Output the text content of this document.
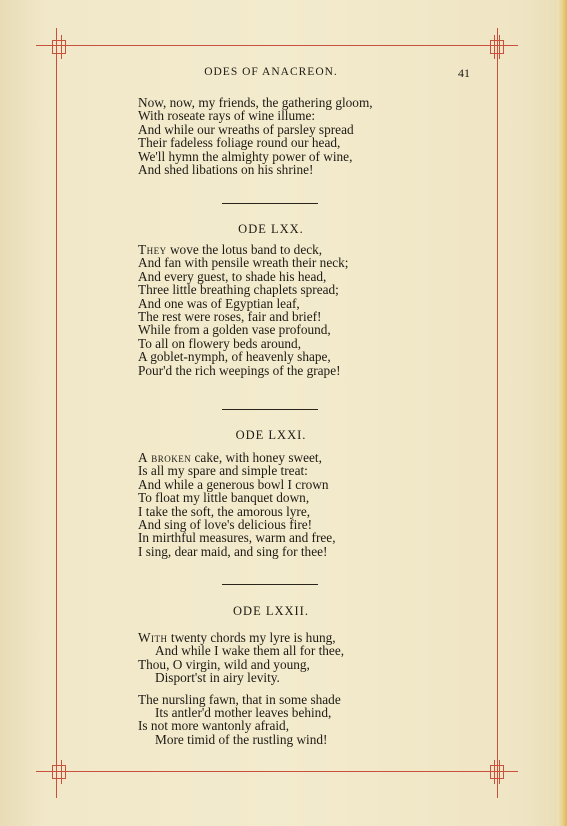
ODES OF ANACREON.	41
Now, now, my friends, the gathering gloom,
With roseate rays of wine illume:
And while our wreaths of parsley spread
Their fadeless foliage round our head,
We'll hymn the almighty power of wine,
And shed libations on his shrine!
ODE LXX.
They wove the lotus band to deck,
And fan with pensile wreath their neck;
And every guest, to shade his head,
Three little breathing chaplets spread;
And one was of Egyptian leaf,
The rest were roses, fair and brief!
While from a golden vase profound,
To all on flowery beds around,
A goblet-nymph, of heavenly shape,
Pour'd the rich weepings of the grape!
ODE LXXI.
A broken cake, with honey sweet,
Is all my spare and simple treat:
And while a generous bowl I crown
To float my little banquet down,
I take the soft, the amorous lyre,
And sing of love's delicious fire!
In mirthful measures, warm and free,
I sing, dear maid, and sing for thee!
ODE LXXII.
With twenty chords my lyre is hung,
And while I wake them all for thee,
Thou, O virgin, wild and young,
Disport'st in airy levity.
The nursling fawn, that in some shade
Its antler'd mother leaves behind,
Is not more wantonly afraid,
More timid of the rustling wind!
